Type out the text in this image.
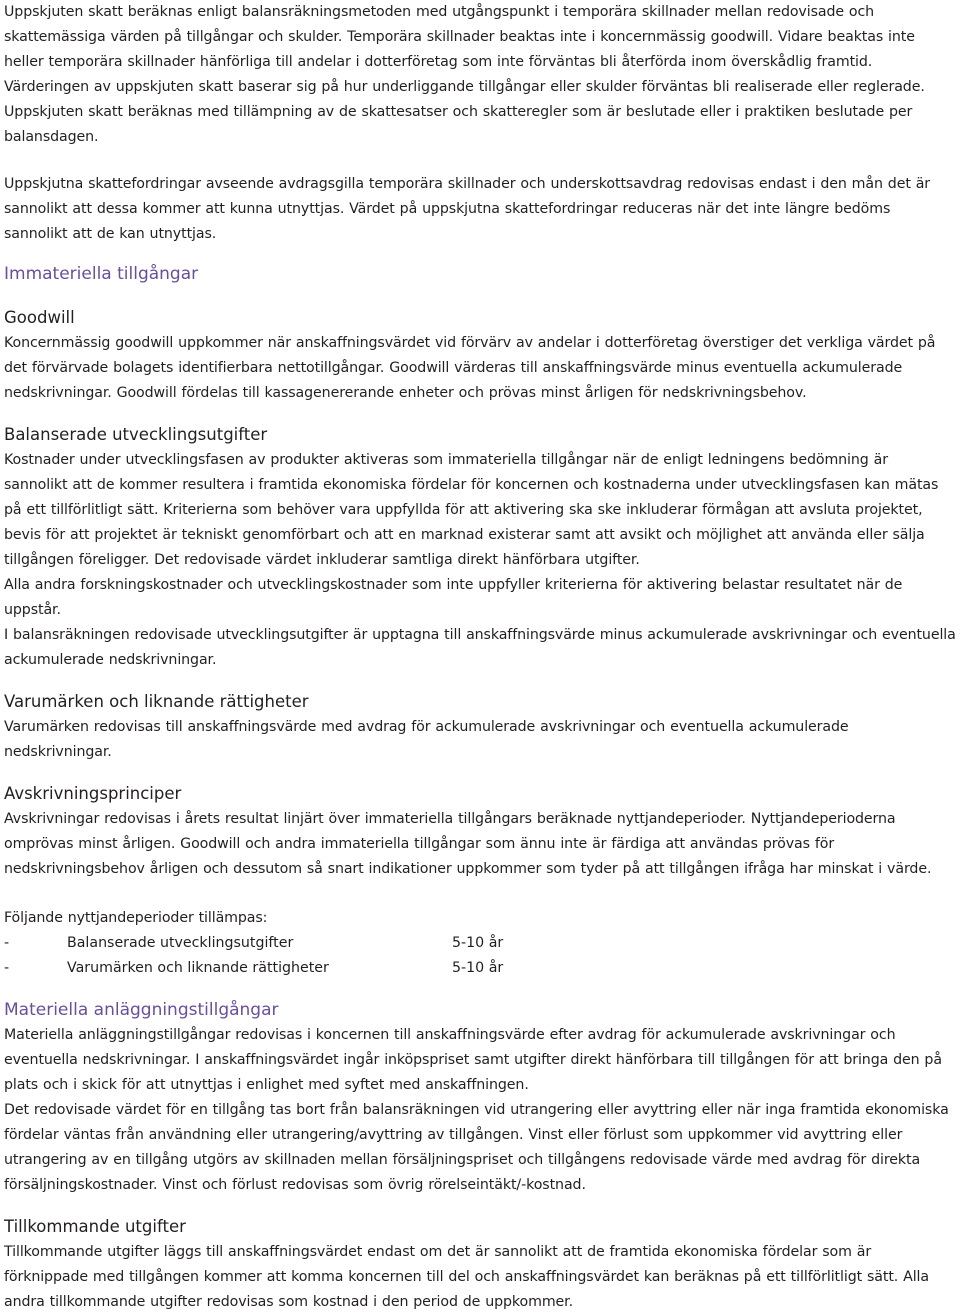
Uppskjuten skatt beräknas enligt balansräkningsmetoden med utgångspunkt i temporära skillnader mellan redovisade och skattemässiga värden på tillgångar och skulder. Temporära skillnader beaktas inte i koncernmässig goodwill. Vidare beaktas inte heller temporära skillnader hänförliga till andelar i dotterföretag som inte förväntas bli återförda inom överskådlig framtid. Värderingen av uppskjuten skatt baserar sig på hur underliggande tillgångar eller skulder förväntas bli realiserade eller reglerade. Uppskjuten skatt beräknas med tillämpning av de skattesatser och skatteregler som är beslutade eller i praktiken beslutade per balansdagen.

Uppskjutna skattefordringar avseende avdragsgilla temporära skillnader och underskottsavdrag redovisas endast i den mån det är sannolikt att dessa kommer att kunna utnyttjas. Värdet på uppskjutna skattefordringar reduceras när det inte längre bedöms sannolikt att de kan utnyttjas.

Immateriella tillgångar
Goodwill

Koncernmässig goodwill uppkommer när anskaffningsvärdet vid förvärv av andelar i dotterföretag överstiger det verkliga värdet på det förvärvade bolagets identifierbara nettotillgångar. Goodwill värderas till anskaffningsvärde minus eventuella ackumulerade nedskrivningar. Goodwill fördelas till kassagenererande enheter och prövas minst årligen för nedskrivningsbehov.

Balanserade utvecklingsutgifter

Kostnader under utvecklingsfasen av produkter aktiveras som immateriella tillgångar när de enligt ledningens bedömning är sannolikt att de kommer resultera i framtida ekonomiska fördelar för koncernen och kostnaderna under utvecklingsfasen kan mätas på ett tillförlitligt sätt. Kriterierna som behöver vara uppfyllda för att aktivering ska ske inkluderar förmågan att avsluta projektet, bevis för att projektet är tekniskt genomförbart och att en marknad existerar samt att avsikt och möjlighet att använda eller sälja tillgången föreligger. Det redovisade värdet inkluderar samtliga direkt hänförbara utgifter.

Alla andra forskningskostnader och utvecklingskostnader som inte uppfyller kriterierna för aktivering belastar resultatet när de uppstår.

I balansräkningen redovisade utvecklingsutgifter är upptagna till anskaffningsvärde minus ackumulerade avskrivningar och eventuella ackumulerade nedskrivningar.

Varumärken och liknande rättigheter

Varumärken redovisas till anskaffningsvärde med avdrag för ackumulerade avskrivningar och eventuella ackumulerade nedskrivningar.

Avskrivningsprinciper

Avskrivningar redovisas i årets resultat linjärt över immateriella tillgångars beräknade nyttjandeperioder. Nyttjandeperioderna omprövas minst årligen. Goodwill och andra immateriella tillgångar som ännu inte är färdiga att användas prövas för nedskrivningsbehov årligen och dessutom så snart indikationer uppkommer som tyder på att tillgången ifråga har minskat i värde.

Följande nyttjandeperioder tillämpas:

-	Balanserade utvecklingsutgifter	5-10 år
-	Varumärken och liknande rättigheter	5-10 år
Materiella anläggningstillgångar

Materiella anläggningstillgångar redovisas i koncernen till anskaffningsvärde efter avdrag för ackumulerade avskrivningar och eventuella nedskrivningar. I anskaffningsvärdet ingår inköpspriset samt utgifter direkt hänförbara till tillgången för att bringa den på plats och i skick för att utnyttjas i enlighet med syftet med anskaffningen.

Det redovisade värdet för en tillgång tas bort från balansräkningen vid utrangering eller avyttring eller när inga framtida ekonomiska fördelar väntas från användning eller utrangering/avyttring av tillgången. Vinst eller förlust som uppkommer vid avyttring eller utrangering av en tillgång utgörs av skillnaden mellan försäljningspriset och tillgångens redovisade värde med avdrag för direkta försäljningskostnader. Vinst och förlust redovisas som övrig rörelseintäkt/-kostnad.

Tillkommande utgifter

Tillkommande utgifter läggs till anskaffningsvärdet endast om det är sannolikt att de framtida ekonomiska fördelar som är förknippade med tillgången kommer att komma koncernen till del och anskaffningsvärdet kan beräknas på ett tillförlitligt sätt. Alla andra tillkommande utgifter redovisas som kostnad i den period de uppkommer.
